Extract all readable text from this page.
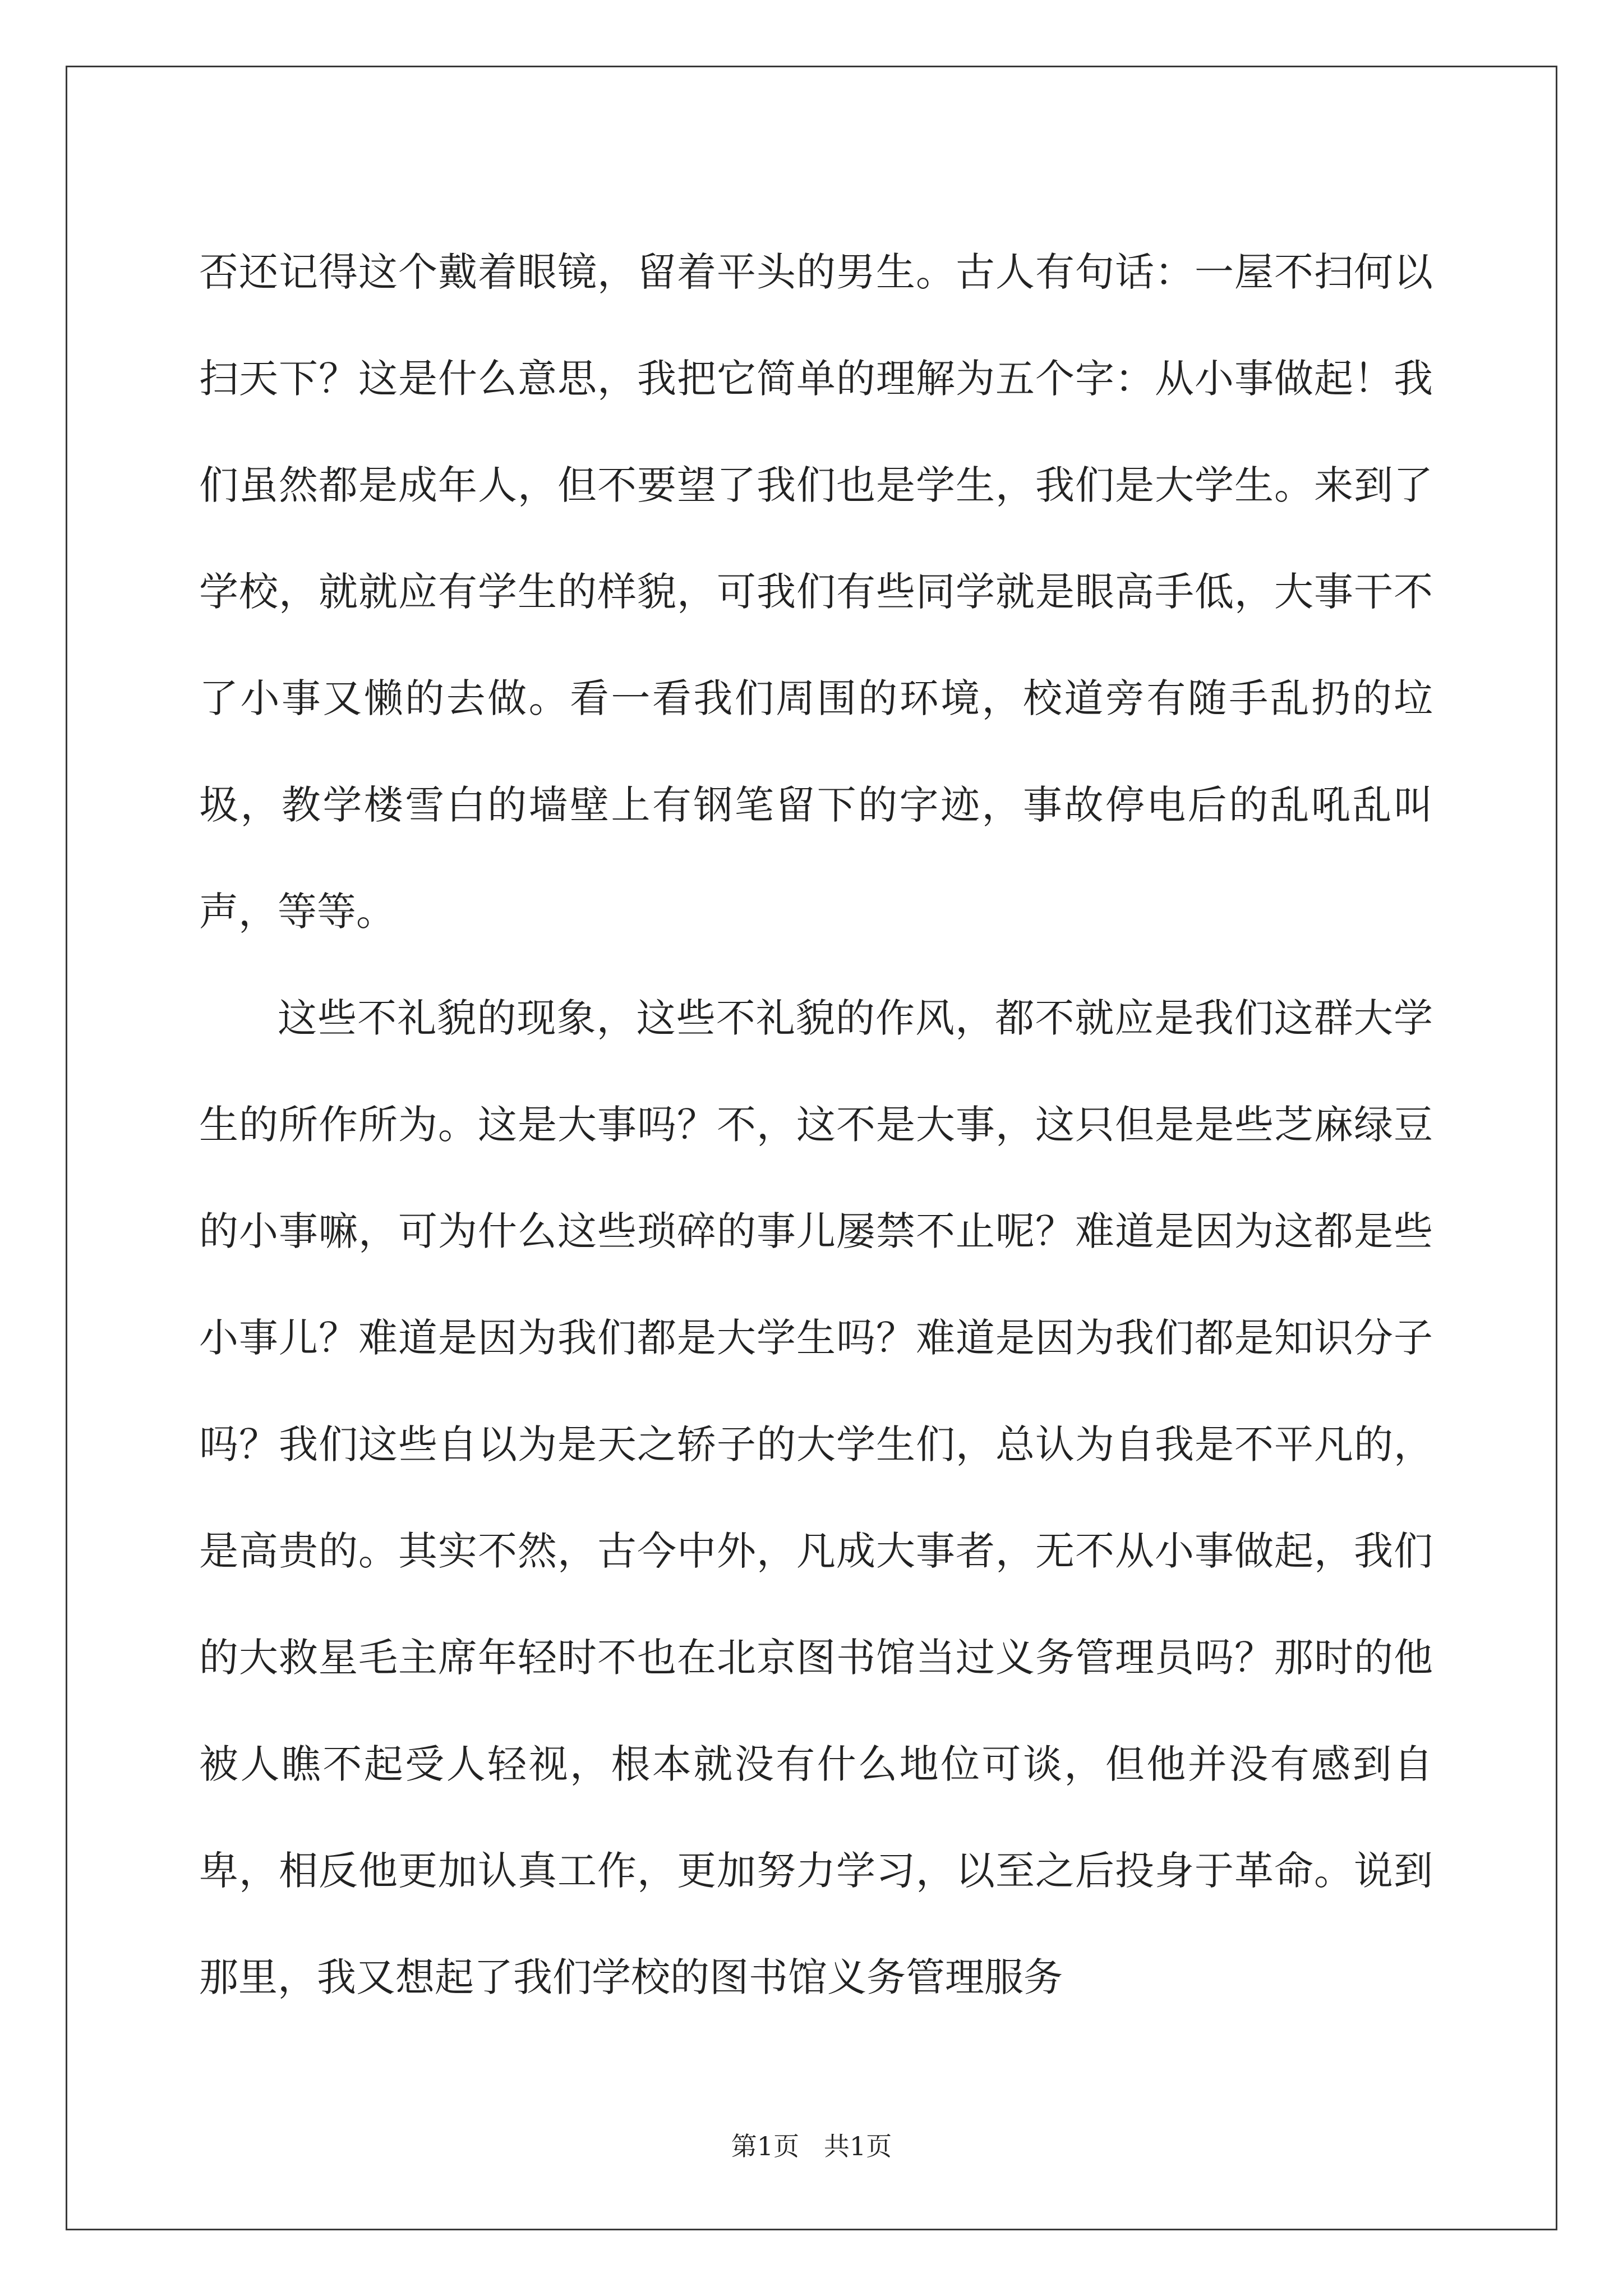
否还记得这个戴着眼镜，留着平头的男生。古人有句话：一屋不扫何以扫天下？这是什么意思，我把它简单的理解为五个字：从小事做起！我们虽然都是成年人，但不要望了我们也是学生，我们是大学生。来到了学校，就就应有学生的样貌，可我们有些同学就是眼高手低，大事干不了小事又懒的去做。看一看我们周围的环境，校道旁有随手乱扔的垃圾，教学楼雪白的墙壁上有钢笔留下的字迹，事故停电后的乱吼乱叫声，等等。

这些不礼貌的现象，这些不礼貌的作风，都不就应是我们这群大学生的所作所为。这是大事吗？不，这不是大事，这只但是是些芝麻绿豆的小事嘛，可为什么这些琐碎的事儿屡禁不止呢？难道是因为这都是些小事儿？难道是因为我们都是大学生吗？难道是因为我们都是知识分子吗？我们这些自以为是天之轿子的大学生们，总认为自我是不平凡的，是高贵的。其实不然，古今中外，凡成大事者，无不从小事做起，我们的大救星毛主席年轻时不也在北京图书馆当过义务管理员吗？那时的他被人瞧不起受人轻视，根本就没有什么地位可谈，但他并没有感到自卑，相反他更加认真工作，更加努力学习，以至之后投身于革命。说到那里，我又想起了我们学校的图书馆义务管理服务

第1页   共1页
